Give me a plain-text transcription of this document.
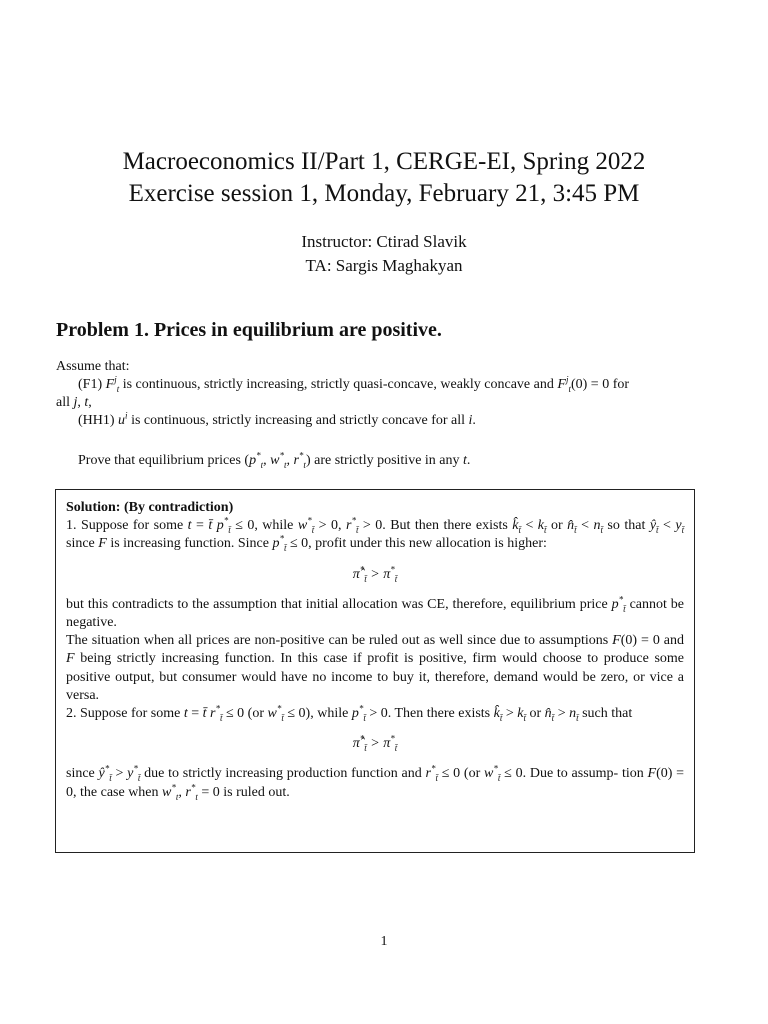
Macroeconomics II/Part 1, CERGE-EI, Spring 2022
Exercise session 1, Monday, February 21, 3:45 PM
Instructor: Ctirad Slavik
TA: Sargis Maghakyan
Problem 1. Prices in equilibrium are positive.
Assume that:
(F1) $F^j_t$ is continuous, strictly increasing, strictly quasi-concave, weakly concave and $F^j_t(0) = 0$ for
all j, t,
(HH1) $u^i$ is continuous, strictly increasing and strictly concave for all i.
Prove that equilibrium prices ($p^*_t$, $w^*_t$, $r^*_t$) are strictly positive in any t.

Solution: (By contradiction)

1. Suppose for some t = t̄ $p^*_{t̄} \le 0$, while $w^*_{t̄} > 0$, $r^*_{t̄} > 0$. But then there exists $k̂_{t̄} < k_{t̄}$ or $n̂_{t̄} < n_{t̄}$ so that $ŷ_{t̄} < y_{t̄}$ since F is increasing function. Since $p^*_{t̄} \le 0$, profit under this new allocation is higher:

$\pî^*_{t̄} > \pi^*_{t̄}$

but this contradicts to the assumption that initial allocation was CE, therefore, equilibrium price $p^*_{t̄}$ cannot be negative.

The situation when all prices are non-positive can be ruled out as well since due to assumptions F(0) = 0 and F being strictly increasing function. In this case if profit is positive, firm would choose to produce some positive output, but consumer would have no income to buy it, therefore, demand would be zero, or vice a versa.

2. Suppose for some t = t̄ $r^*_{t̄} \le 0$ (or $w^*_{t̄} \le 0$), while $p^*_{t̄} > 0$. Then there exists $k̂_{t̄} > k_{t̄}$ or $n̂_{t̄} > n_{t̄}$ such that

$\pî^*_{t̄} > \pi^*_{t̄}$

since $ŷ^*_{t̄} > y^*_{t̄}$ due to strictly increasing production function and $r^*_{t̄} \le 0$ (or $w^*_{t̄} \le 0$. Due to assump- tion F(0) = 0, the case when $w^*_t$, $r^*_t = 0$ is ruled out.

1
